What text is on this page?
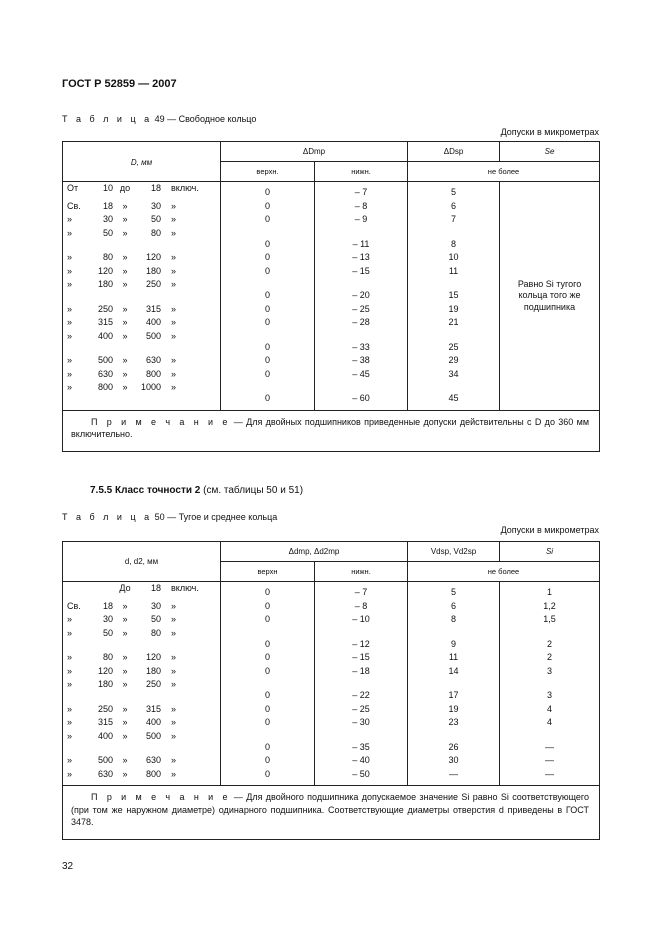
ГОСТ Р 52859 — 2007
Т а б л и ц а 49 — Свободное кольцо
Допуски в микрометрах
D, мм	ΔDmp		ΔDsp	Se
	верхн.	нижн.	не более	

От 10 до 18 включ.	0	– 7	5	Равно Si тугого кольца того же подшипника

Св. 18 » 30 »	0	– 8	6	

» 30 » 50 »	0	– 9	7	

» 50 » 80 »	0	– 11	8	

» 80 » 120 »	0	– 13	10	

» 120 » 180 »	0	– 15	11	

» 180 » 250 »	0	– 20	15	

» 250 » 315 »	0	– 25	19	

» 315 » 400 »	0	– 28	21	

» 400 » 500 »	0	– 33	25	

» 500 » 630 »	0	– 38	29	

» 630 » 800 »	0	– 45	34	

» 800 » 1000 »	0	– 60	45	
П р и м е ч а н и е — Для двойных подшипников приведенные допуски действительны с D до 360 мм включительно.				
7.5.5 Класс точности 2 (см. таблицы 50 и 51)
Т а б л и ц а 50 — Тугое и среднее кольца
Допуски в микрометрах
d, d2, мм	Δdmp, Δd2mp		Vdsp, Vd2sp	Si
	верхн	нижн.	не более	

До 18 включ.	0	– 7	5	1

Св. 18 » 30 »	0	– 8	6	1,2

» 30 » 50 »	0	– 10	8	1,5

» 50 » 80 »	0	– 12	9	2

» 80 » 120 »	0	– 15	11	2

» 120 » 180 »	0	– 18	14	3

» 180 » 250 »	0	– 22	17	3

» 250 » 315 »	0	– 25	19	4

» 315 » 400 »	0	– 30	23	4

» 400 » 500 »	0	– 35	26	—

» 500 » 630 »	0	– 40	30	—

» 630 » 800 »	0	– 50	—	—
П р и м е ч а н и е — Для двойного подшипника допускаемое значение Si равно Si соответствующего (при том же наружном диаметре) одинарного подшипника. Соответствующие диаметры отверстия d приведены в ГОСТ 3478.				
32
